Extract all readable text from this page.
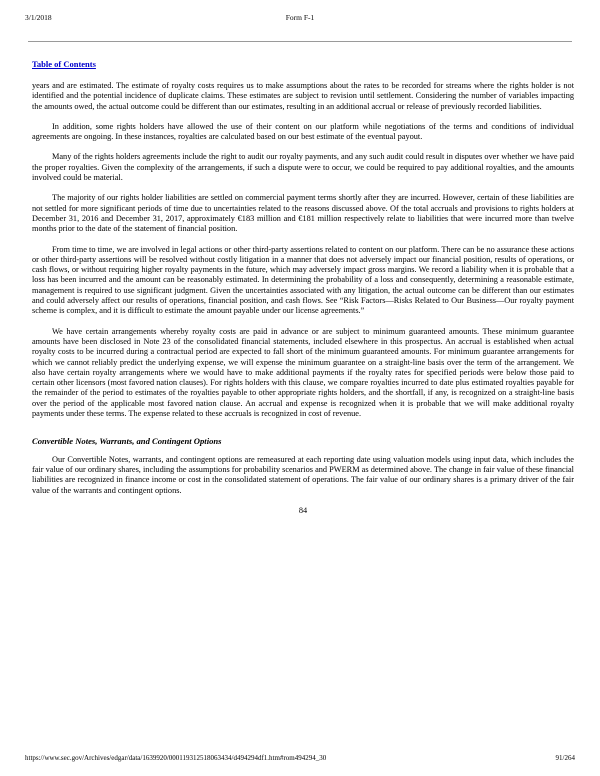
3/1/2018	Form F-1
Table of Contents

years and are estimated. The estimate of royalty costs requires us to make assumptions about the rates to be recorded for streams where the rights holder is not identified and the potential incidence of duplicate claims. These estimates are subject to revision until settlement. Considering the number of variables impacting the amounts owed, the actual outcome could be different than our estimates, resulting in an additional accrual or release of previously recorded liabilities.

In addition, some rights holders have allowed the use of their content on our platform while negotiations of the terms and conditions of individual agreements are ongoing. In these instances, royalties are calculated based on our best estimate of the eventual payout.

Many of the rights holders agreements include the right to audit our royalty payments, and any such audit could result in disputes over whether we have paid the proper royalties. Given the complexity of the arrangements, if such a dispute were to occur, we could be required to pay additional royalties, and the amounts involved could be material.

The majority of our rights holder liabilities are settled on commercial payment terms shortly after they are incurred. However, certain of these liabilities are not settled for more significant periods of time due to uncertainties related to the reasons discussed above. Of the total accruals and provisions to rights holders at December 31, 2016 and December 31, 2017, approximately €183 million and €181 million respectively relate to liabilities that were incurred more than twelve months prior to the date of the statement of financial position.

From time to time, we are involved in legal actions or other third-party assertions related to content on our platform. There can be no assurance these actions or other third-party assertions will be resolved without costly litigation in a manner that does not adversely impact our financial position, results of operations, or cash flows, or without requiring higher royalty payments in the future, which may adversely impact gross margins. We record a liability when it is probable that a loss has been incurred and the amount can be reasonably estimated. In determining the probability of a loss and consequently, determining a reasonable estimate, management is required to use significant judgment. Given the uncertainties associated with any litigation, the actual outcome can be different than our estimates and could adversely affect our results of operations, financial position, and cash flows. See “Risk Factors—Risks Related to Our Business—Our royalty payment scheme is complex, and it is difficult to estimate the amount payable under our license agreements.”

We have certain arrangements whereby royalty costs are paid in advance or are subject to minimum guaranteed amounts. These minimum guarantee amounts have been disclosed in Note 23 of the consolidated financial statements, included elsewhere in this prospectus. An accrual is established when actual royalty costs to be incurred during a contractual period are expected to fall short of the minimum guaranteed amounts. For minimum guarantee arrangements for which we cannot reliably predict the underlying expense, we will expense the minimum guarantee on a straight-line basis over the term of the arrangement. We also have certain royalty arrangements where we would have to make additional payments if the royalty rates for specified periods were below those paid to certain other licensors (most favored nation clauses). For rights holders with this clause, we compare royalties incurred to date plus estimated royalties payable for the remainder of the period to estimates of the royalties payable to other appropriate rights holders, and the shortfall, if any, is recognized on a straight-line basis over the period of the applicable most favored nation clause. An accrual and expense is recognized when it is probable that we will make additional royalty payments under these terms. The expense related to these accruals is recognized in cost of revenue.

Convertible Notes, Warrants, and Contingent Options

Our Convertible Notes, warrants, and contingent options are remeasured at each reporting date using valuation models using input data, which includes the fair value of our ordinary shares, including the assumptions for probability scenarios and PWERM as determined above. The change in fair value of these financial liabilities are recognized in finance income or cost in the consolidated statement of operations. The fair value of our ordinary shares is a primary driver of the fair value of the warrants and contingent options.

84
https://www.sec.gov/Archives/edgar/data/1639920/000119312518063434/d494294df1.htm#rom494294_30	91/264
